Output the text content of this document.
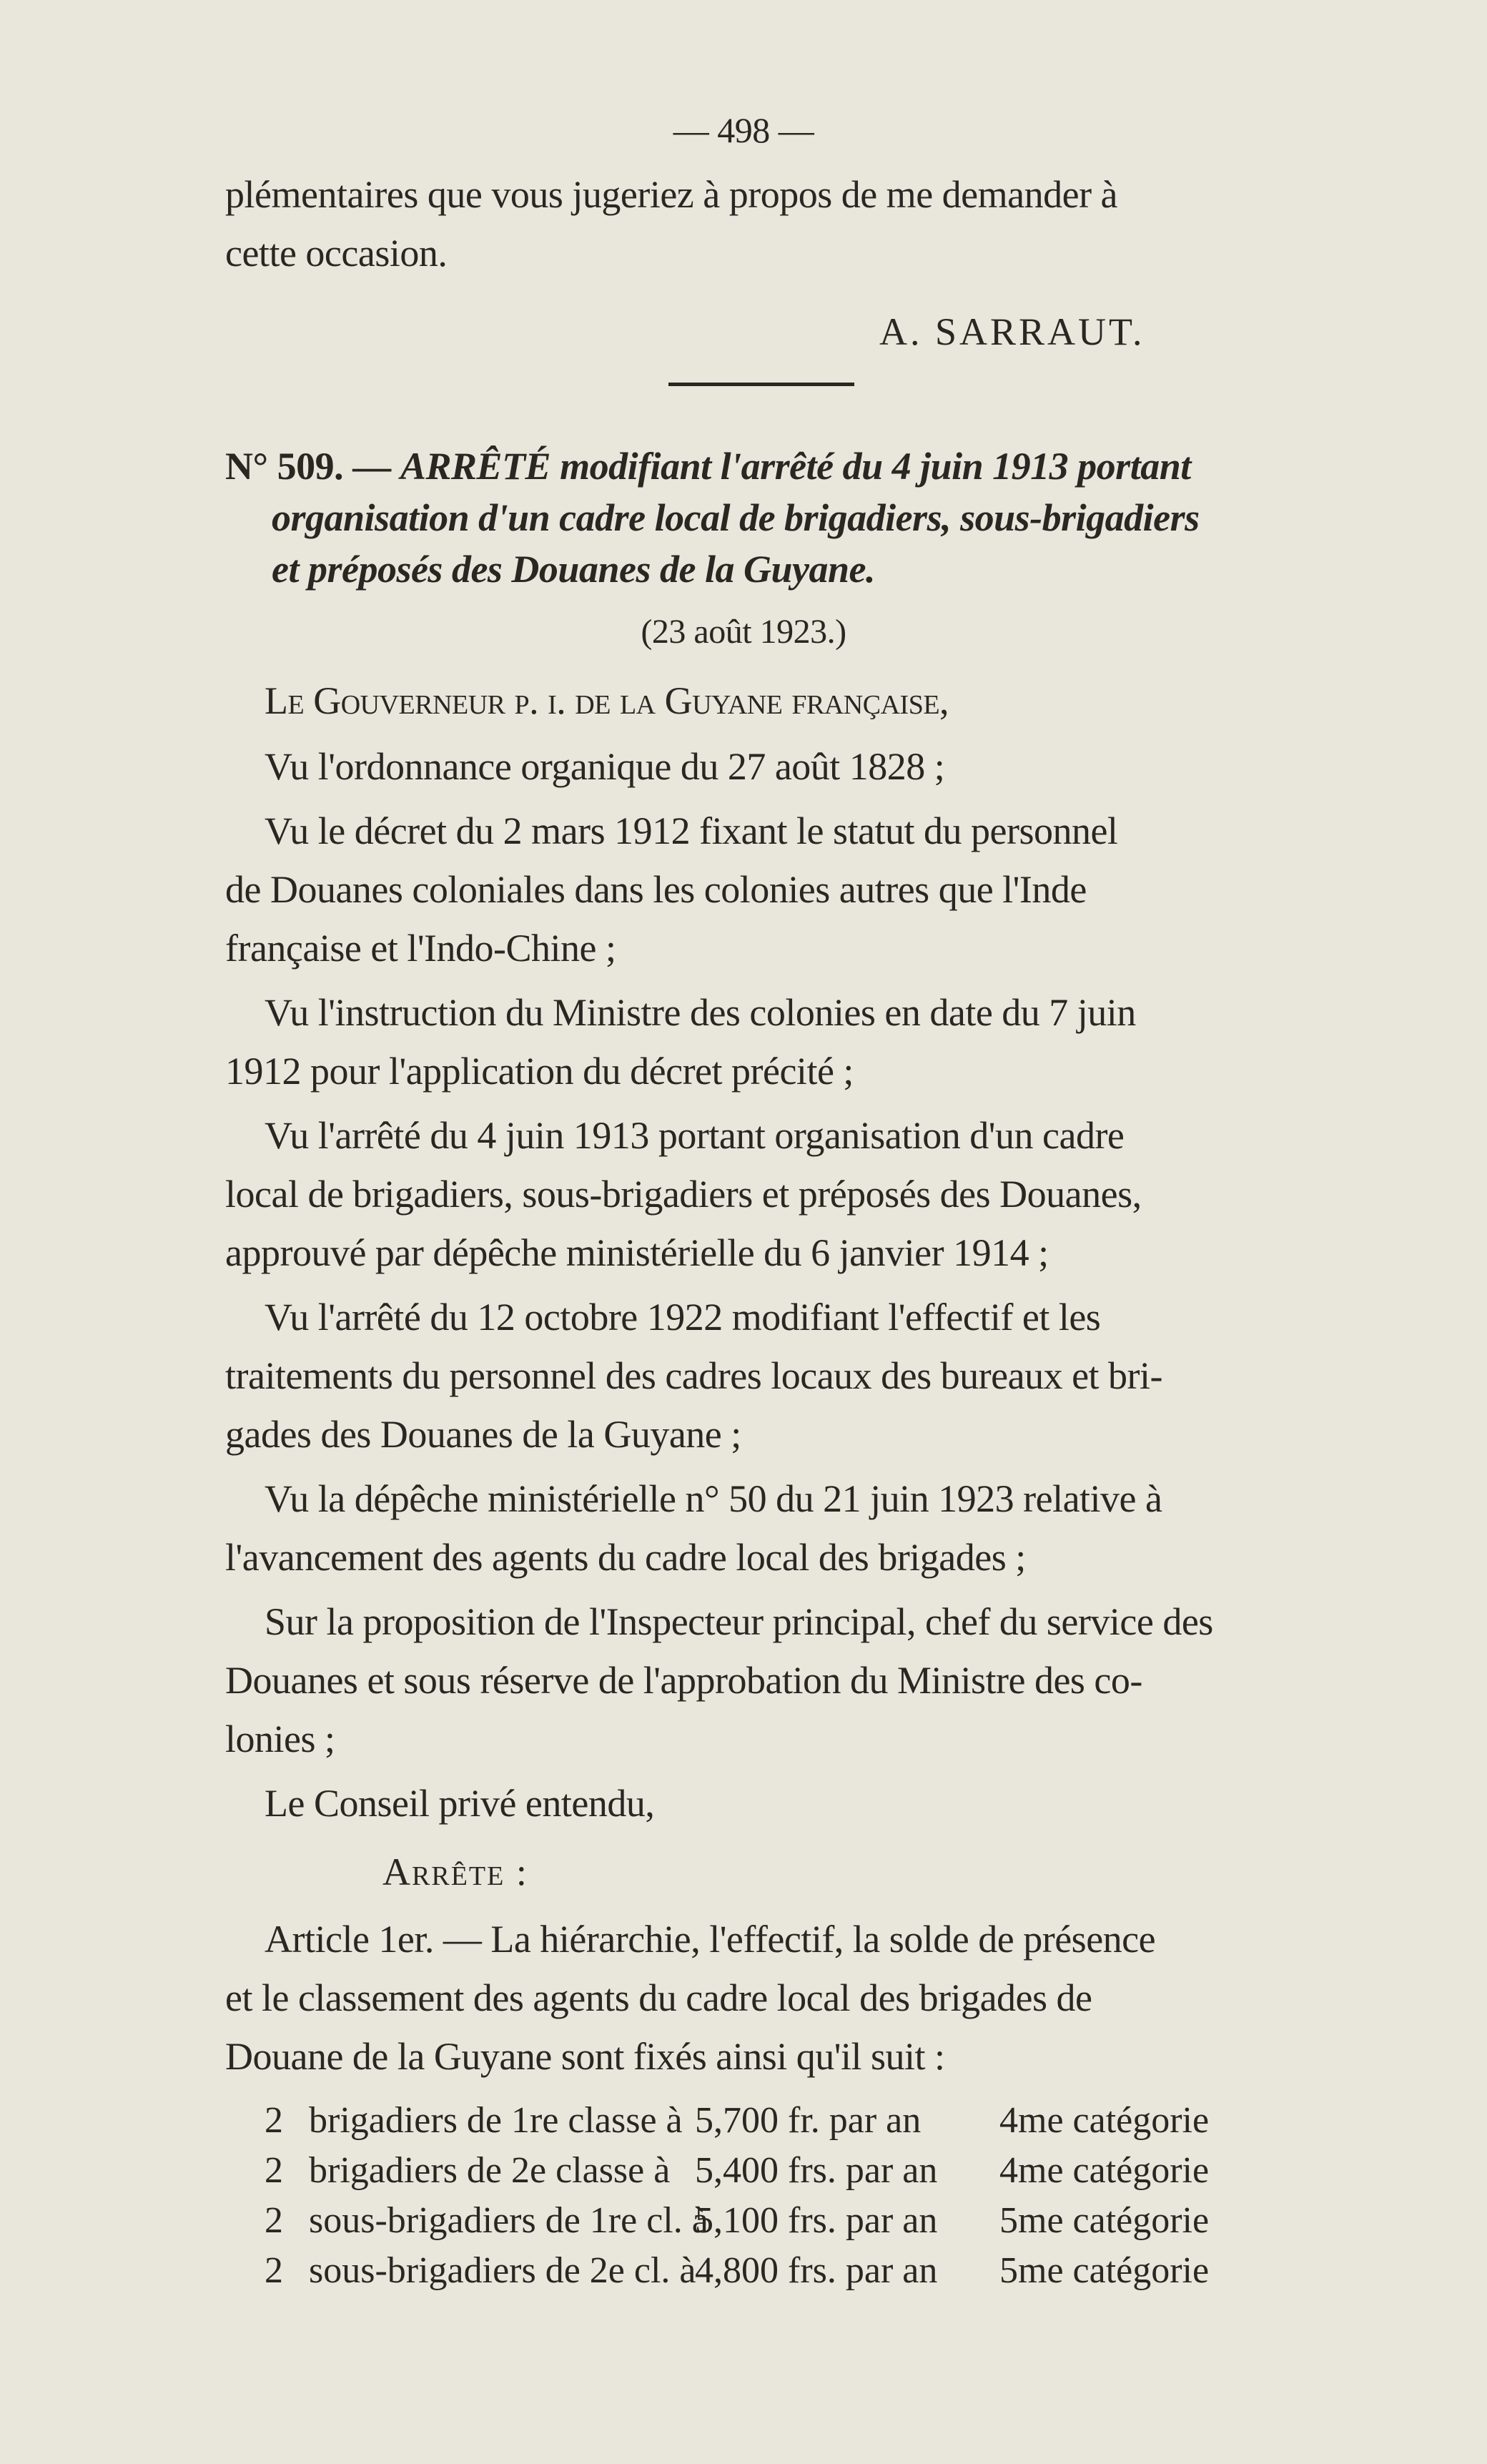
— 498 —
plémentaires que vous jugeriez à propos de me demander à
cette occasion.
A. SARRAUT.
N° 509. — ARRÊTÉ modifiant l'arrêté du 4 juin 1913 portant
organisation d'un cadre local de brigadiers, sous-brigadiers
et préposés des Douanes de la Guyane.
(23 août 1923.)
Le Gouverneur p. i. de la Guyane française,
Vu l'ordonnance organique du 27 août 1828 ;
Vu le décret du 2 mars 1912 fixant le statut du personnel
de Douanes coloniales dans les colonies autres que l'Inde
française et l'Indo-Chine ;
Vu l'instruction du Ministre des colonies en date du 7 juin
1912 pour l'application du décret précité ;
Vu l'arrêté du 4 juin 1913 portant organisation d'un cadre
local de brigadiers, sous-brigadiers et préposés des Douanes,
approuvé par dépêche ministérielle du 6 janvier 1914 ;
Vu l'arrêté du 12 octobre 1922 modifiant l'effectif et les
traitements du personnel des cadres locaux des bureaux et bri-
gades des Douanes de la Guyane ;
Vu la dépêche ministérielle n° 50 du 21 juin 1923 relative à
l'avancement des agents du cadre local des brigades ;
Sur la proposition de l'Inspecteur principal, chef du service des
Douanes et sous réserve de l'approbation du Ministre des co-
lonies ;
Le Conseil privé entendu,
Arrête :
Article 1er. — La hiérarchie, l'effectif, la solde de présence
et le classement des agents du cadre local des brigades de
Douane de la Guyane sont fixés ainsi qu'il suit :
2 brigadiers de 1re classe à 5,700 fr. par an 4me catégorie
2 brigadiers de 2e classe à 5,400 frs. par an 4me catégorie
2 sous-brigadiers de 1re cl. à5,100 frs. par an 5me catégorie
2 sous-brigadiers de 2e cl. à4,800 frs. par an 5me catégorie
